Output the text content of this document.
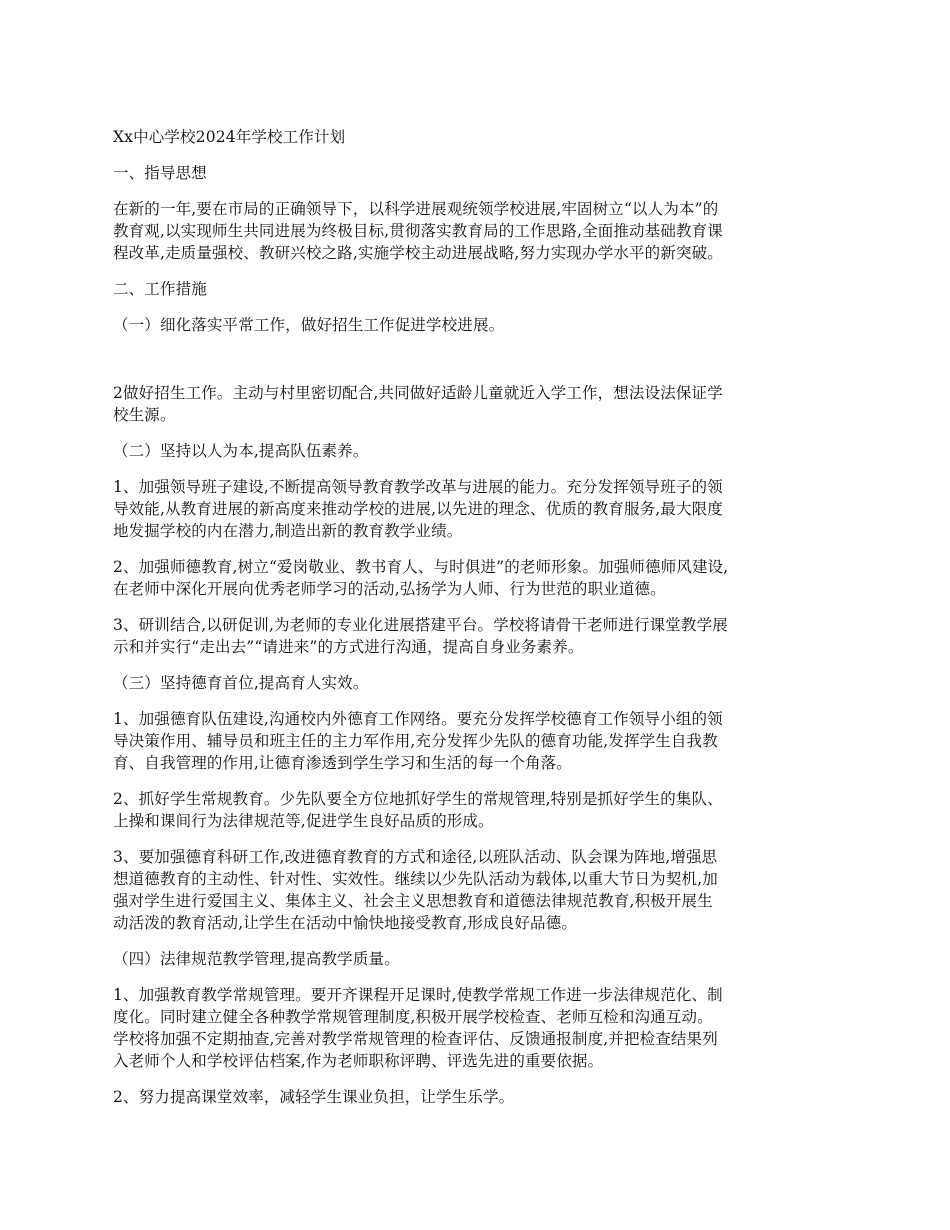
Xx中心学校2024年学校工作计划
一、指导思想
在新的一年,要在市局的正确领导下，以科学进展观统领学校进展,牢固树立“以人为本”的
教育观,以实现师生共同进展为终极目标,贯彻落实教育局的工作思路,全面推动基础教育课
程改革,走质量强校、教研兴校之路,实施学校主动进展战略,努力实现办学水平的新突破。
二、工作措施
（一）细化落实平常工作，做好招生工作促进学校进展。
2做好招生工作。主动与村里密切配合,共同做好适龄儿童就近入学工作，想法设法保证学
校生源。
（二）坚持以人为本,提高队伍素养。
1、加强领导班子建设,不断提高领导教育教学改革与进展的能力。充分发挥领导班子的领
导效能,从教育进展的新高度来推动学校的进展,以先进的理念、优质的教育服务,最大限度
地发掘学校的内在潜力,制造出新的教育教学业绩。
2、加强师德教育,树立“爱岗敬业、教书育人、与时俱进”的老师形象。加强师德师风建设,
在老师中深化开展向优秀老师学习的活动,弘扬学为人师、行为世范的职业道德。
3、研训结合,以研促训,为老师的专业化进展搭建平台。学校将请骨干老师进行课堂教学展
示和并实行“走出去”“请进来”的方式进行沟通，提高自身业务素养。
（三）坚持德育首位,提高育人实效。
1、加强德育队伍建设,沟通校内外德育工作网络。要充分发挥学校德育工作领导小组的领
导决策作用、辅导员和班主任的主力军作用,充分发挥少先队的德育功能,发挥学生自我教
育、自我管理的作用,让德育渗透到学生学习和生活的每一个角落。
2、抓好学生常规教育。少先队要全方位地抓好学生的常规管理,特别是抓好学生的集队、
上操和课间行为法律规范等,促进学生良好品质的形成。
3、要加强德育科研工作,改进德育教育的方式和途径,以班队活动、队会课为阵地,增强思
想道德教育的主动性、针对性、实效性。继续以少先队活动为载体,以重大节日为契机,加
强对学生进行爱国主义、集体主义、社会主义思想教育和道德法律规范教育,积极开展生
动活泼的教育活动,让学生在活动中愉快地接受教育,形成良好品德。
（四）法律规范教学管理,提高教学质量。
1、加强教育教学常规管理。要开齐课程开足课时,使教学常规工作进一步法律规范化、制
度化。同时建立健全各种教学常规管理制度,积极开展学校检查、老师互检和沟通互动。
学校将加强不定期抽查,完善对教学常规管理的检查评估、反馈通报制度,并把检查结果列
入老师个人和学校评估档案,作为老师职称评聘、评选先进的重要依据。
2、努力提高课堂效率，减轻学生课业负担，让学生乐学。
